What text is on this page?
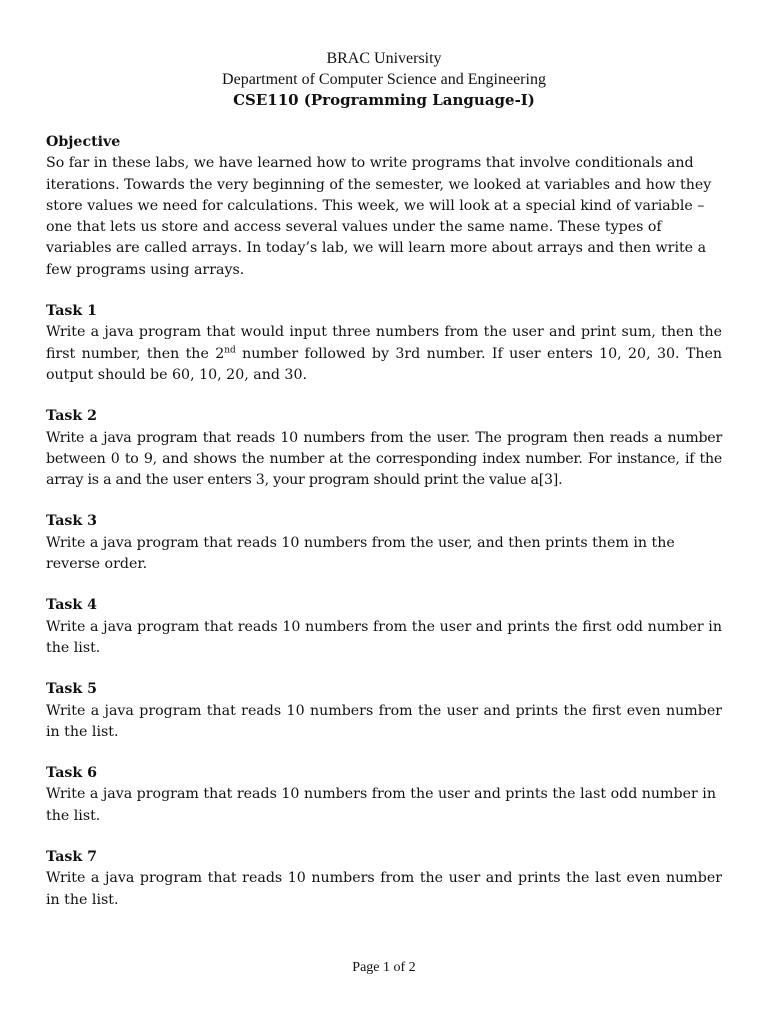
BRAC University
Department of Computer Science and Engineering
CSE110 (Programming Language-I)
Objective
So far in these labs, we have learned how to write programs that involve conditionals and iterations. Towards the very beginning of the semester, we looked at variables and how they store values we need for calculations. This week, we will look at a special kind of variable – one that lets us store and access several values under the same name. These types of variables are called arrays. In today’s lab, we will learn more about arrays and then write a few programs using arrays.
Task 1
Write a java program that would input three numbers from the user and print sum, then the first number, then the 2nd number followed by 3rd number. If user enters 10, 20, 30. Then output should be 60, 10, 20, and 30.
Task 2
Write a java program that reads 10 numbers from the user. The program then reads a number between 0 to 9, and shows the number at the corresponding index number. For instance, if the array is a and the user enters 3, your program should print the value a[3].
Task 3
Write a java program that reads 10 numbers from the user, and then prints them in the reverse order.
Task 4
Write a java program that reads 10 numbers from the user and prints the first odd number in the list.
Task 5
Write a java program that reads 10 numbers from the user and prints the first even number in the list.
Task 6
Write a java program that reads 10 numbers from the user and prints the last odd number in the list.
Task 7
Write a java program that reads 10 numbers from the user and prints the last even number in the list.
Page 1 of 2
